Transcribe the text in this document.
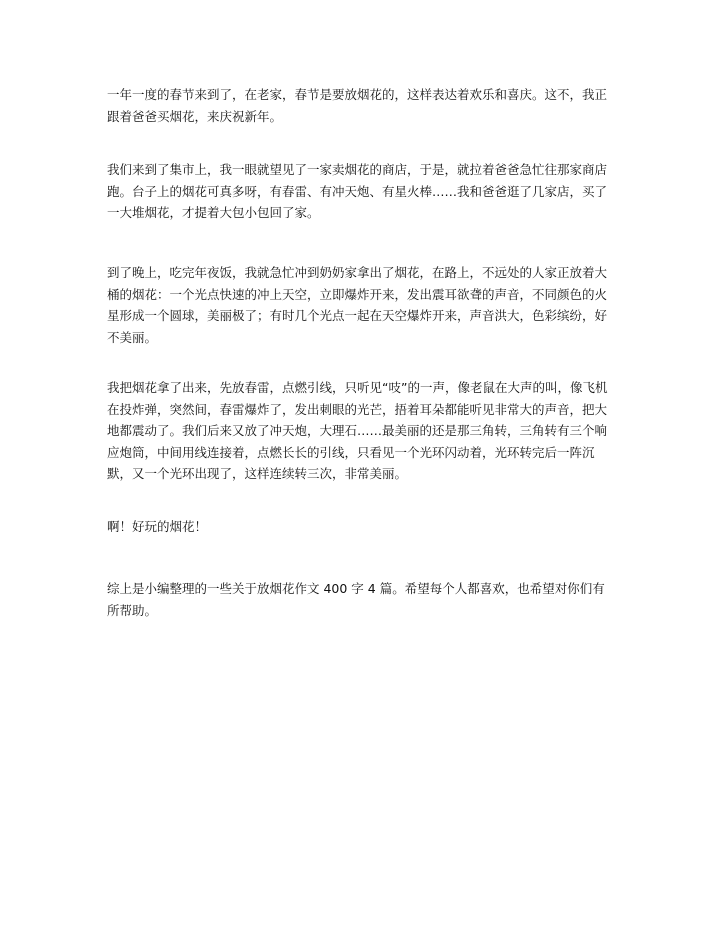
一年一度的春节来到了，在老家，春节是要放烟花的，这样表达着欢乐和喜庆。这不，我正跟着爸爸买烟花，来庆祝新年。

我们来到了集市上，我一眼就望见了一家卖烟花的商店，于是，就拉着爸爸急忙往那家商店跑。台子上的烟花可真多呀，有春雷、有冲天炮、有星火棒……我和爸爸逛了几家店，买了一大堆烟花，才提着大包小包回了家。

到了晚上，吃完年夜饭，我就急忙冲到奶奶家拿出了烟花，在路上，不远处的人家正放着大桶的烟花：一个光点快速的冲上天空，立即爆炸开来，发出震耳欲聋的声音，不同颜色的火星形成一个圆球，美丽极了；有时几个光点一起在天空爆炸开来，声音洪大，色彩缤纷，好不美丽。

我把烟花拿了出来，先放春雷，点燃引线，只听见“吱”的一声，像老鼠在大声的叫，像飞机在投炸弹，突然间，春雷爆炸了，发出刺眼的光芒，捂着耳朵都能听见非常大的声音，把大地都震动了。我们后来又放了冲天炮，大理石……最美丽的还是那三角转，三角转有三个响应炮筒，中间用线连接着，点燃长长的引线，只看见一个光环闪动着，光环转完后一阵沉默，又一个光环出现了，这样连续转三次，非常美丽。

啊！好玩的烟花！

综上是小编整理的一些关于放烟花作文 400 字 4 篇。希望每个人都喜欢，也希望对你们有所帮助。
